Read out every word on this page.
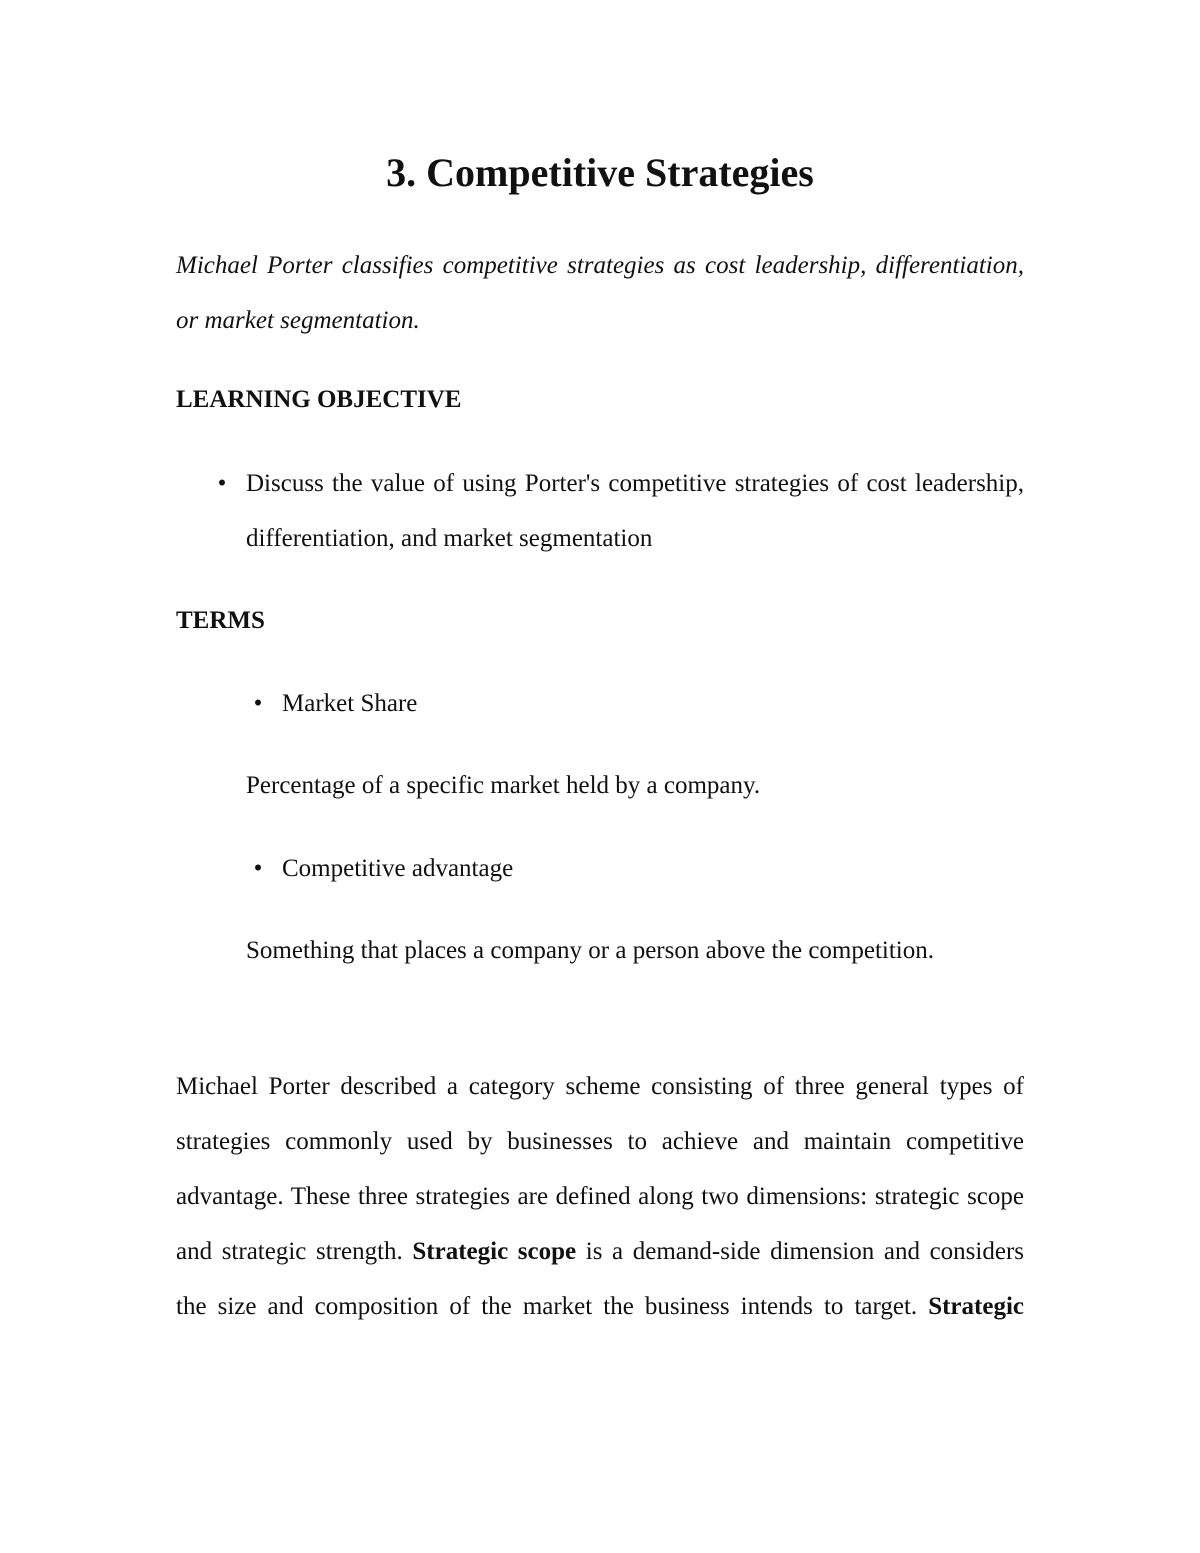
3. Competitive Strategies
Michael Porter classifies competitive strategies as cost leadership, differentiation, or market segmentation.
LEARNING OBJECTIVE
• Discuss the value of using Porter's competitive strategies of cost leadership, differentiation, and market segmentation
TERMS
• Market Share
Percentage of a specific market held by a company.
• Competitive advantage
Something that places a company or a person above the competition.
Michael Porter described a category scheme consisting of three general types of strategies commonly used by businesses to achieve and maintain competitive advantage. These three strategies are defined along two dimensions: strategic scope and strategic strength. Strategic scope is a demand-side dimension and considers the size and composition of the market the business intends to target. Strategic
